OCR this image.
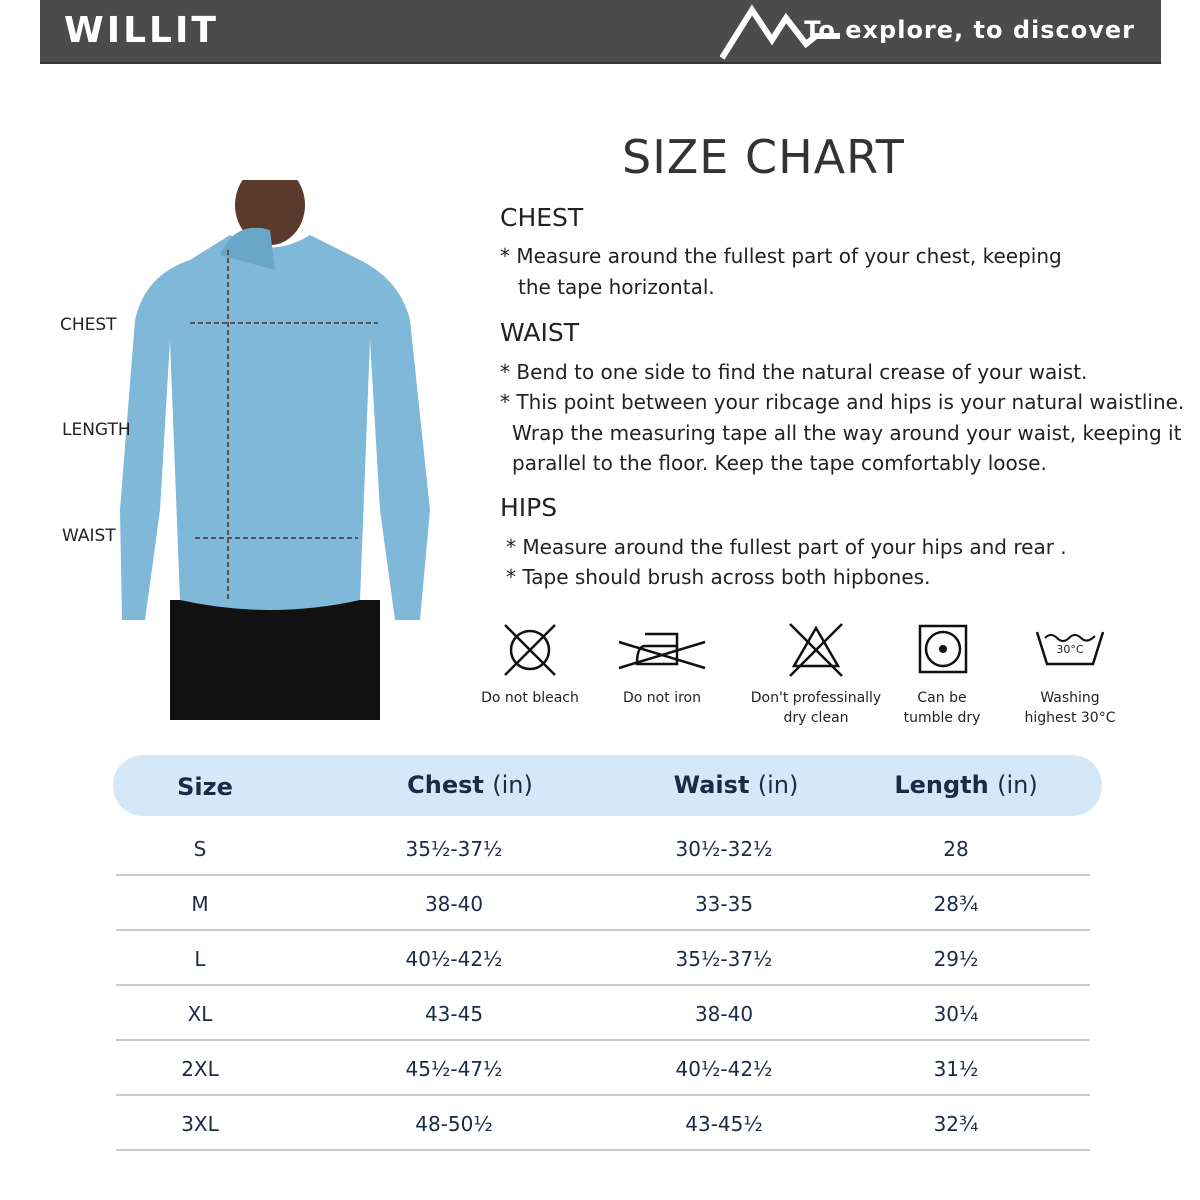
WILLIT	To explore, to discover
CHEST
LENGTH
WAIST
SIZE CHART
CHEST
* Measure around the fullest part of your chest, keeping
the tape horizontal.
WAIST
* Bend to one side to find the natural crease of your waist.
* This point between your ribcage and hips is your natural waistline.
Wrap the measuring tape all the way around your waist, keeping it
parallel to the floor. Keep the tape comfortably loose.
HIPS
* Measure around the fullest part of your hips and rear .
* Tape should brush across both hipbones.
Do not bleach	Do not iron	Don't professinally
dry clean
Can be
tumble dry
30°C
Washing
highest 30°C
Size	Chest (in)	Waist (in)	Length (in)
S	35½-37½	30½-32½	28
M	38-40	33-35	28¾
L	40½-42½	35½-37½	29½
XL	43-45	38-40	30¼
2XL	45½-47½	40½-42½	31½
3XL	48-50½	43-45½	32¾
